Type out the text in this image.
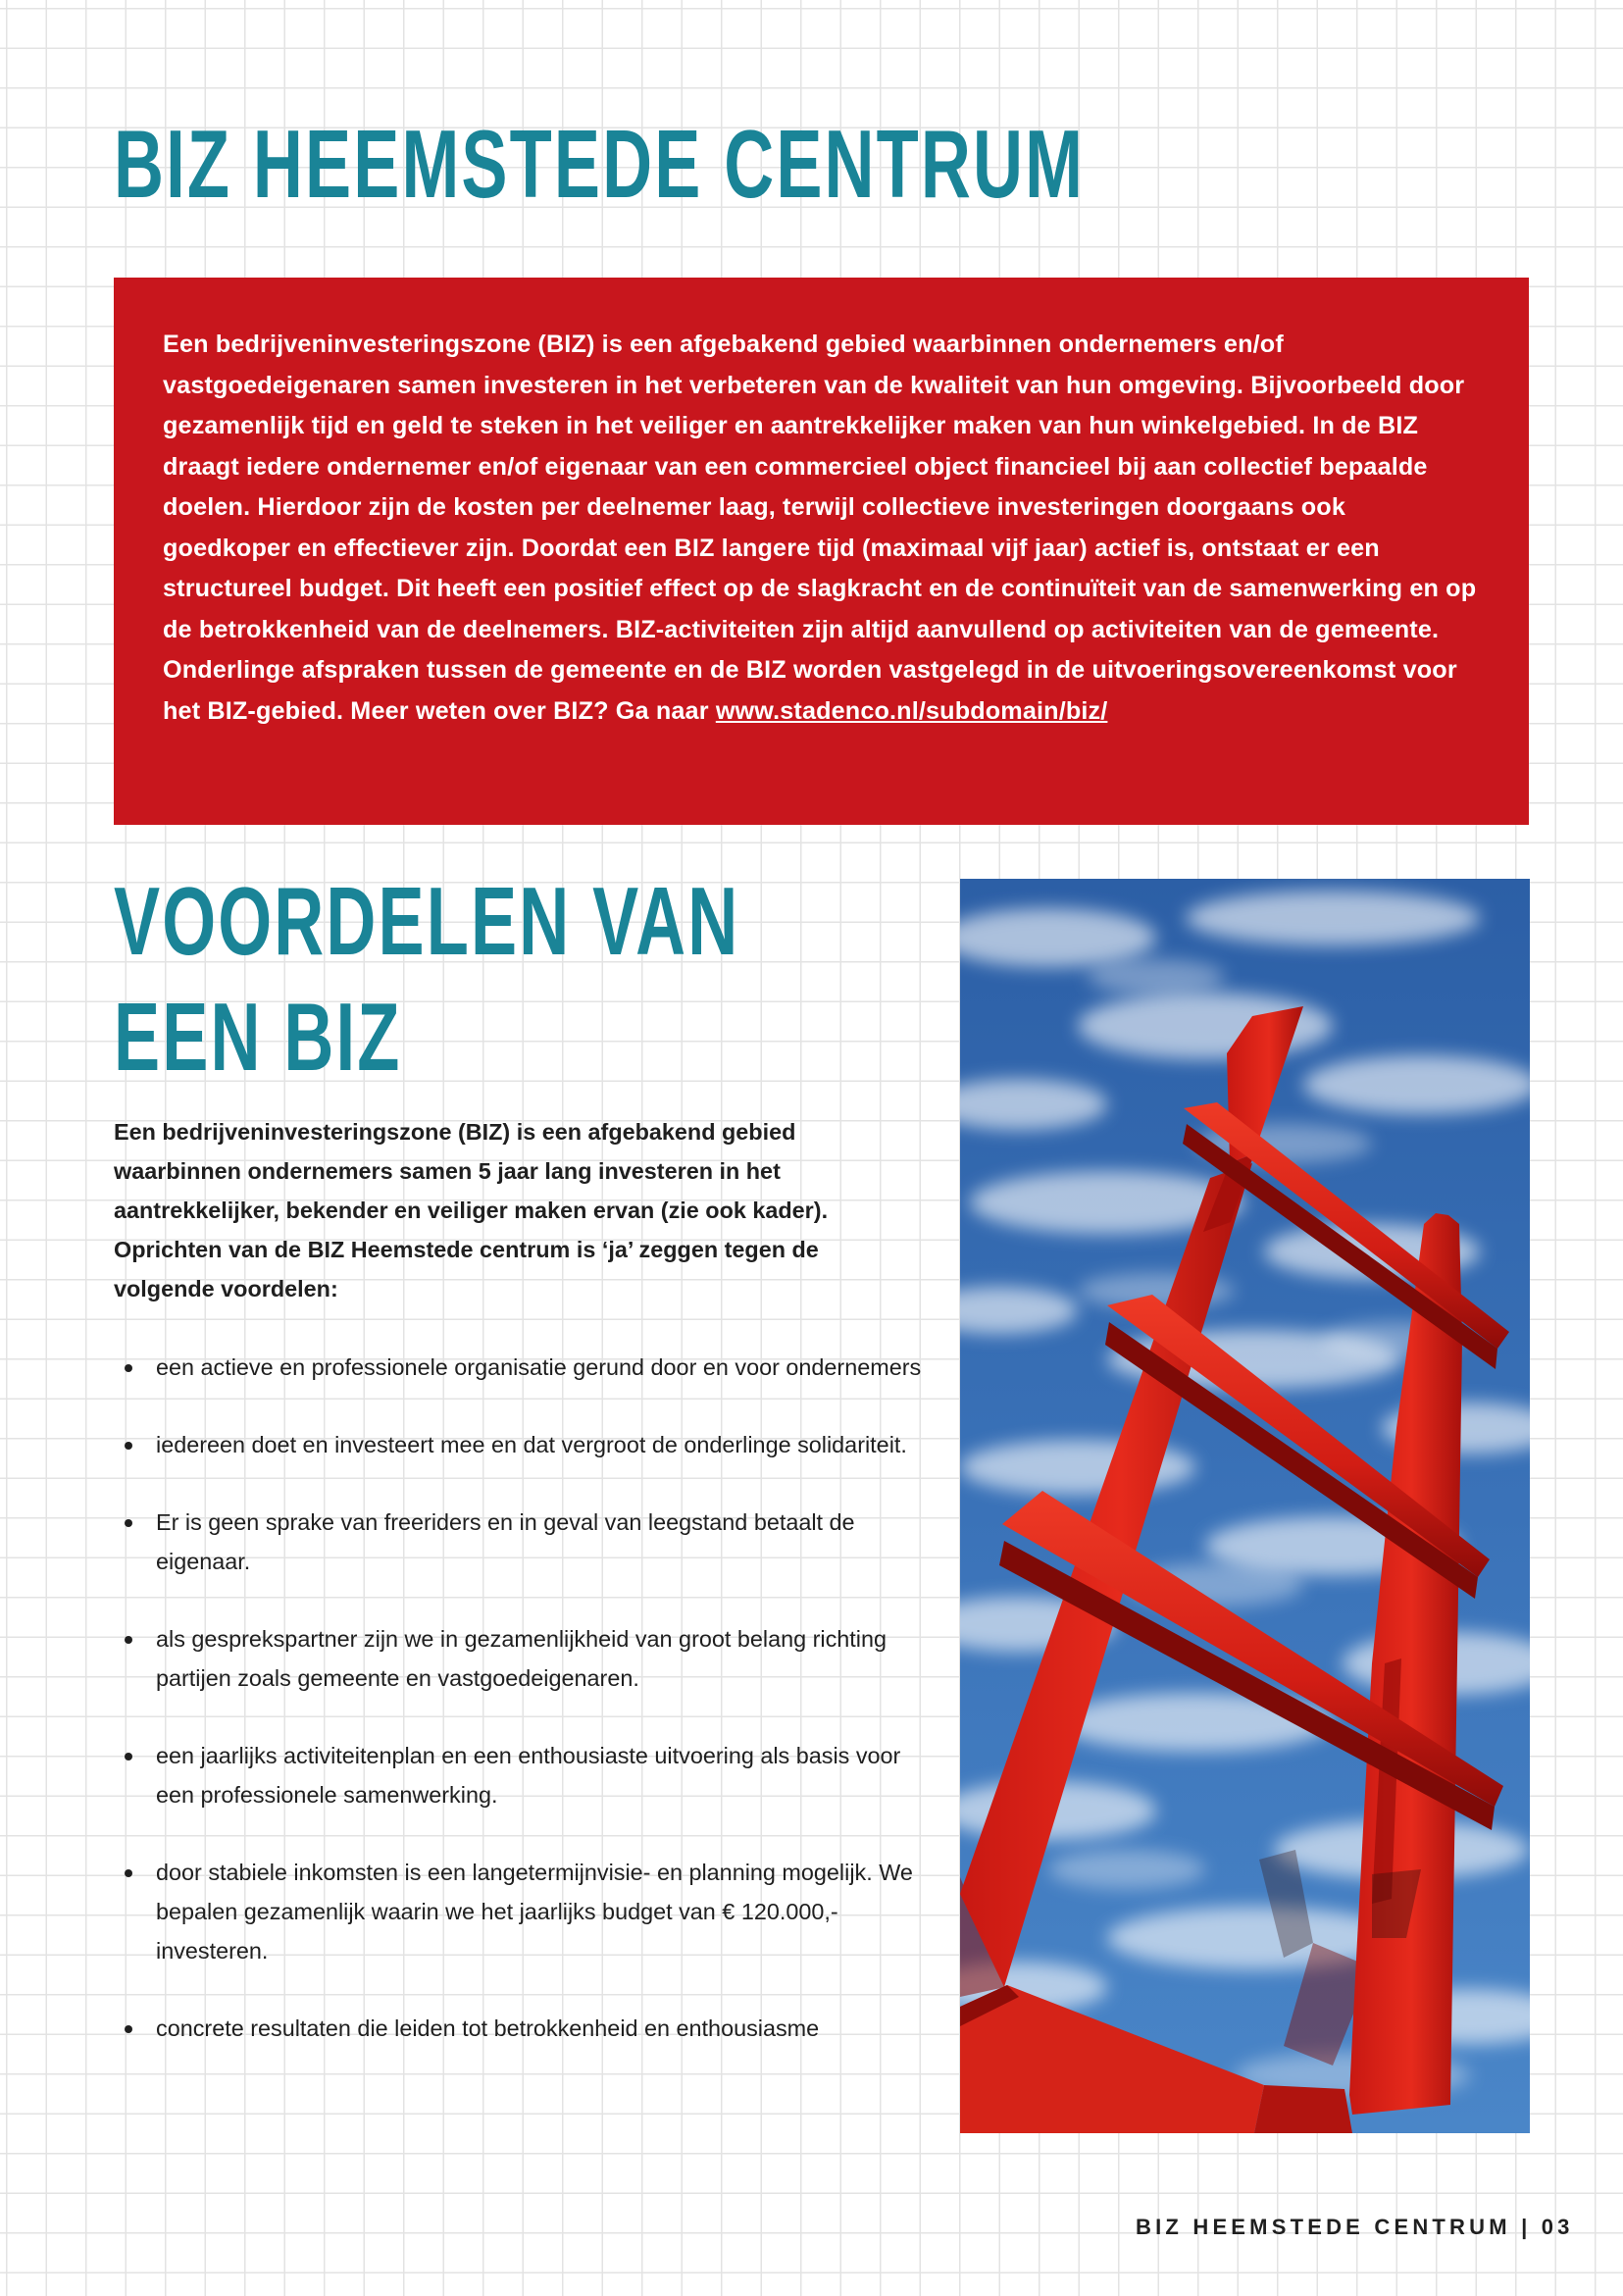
BIZ HEEMSTEDE CENTRUM

Een bedrijveninvesteringszone (BIZ) is een afgebakend gebied waarbinnen ondernemers en/of vastgoedeigenaren samen investeren in het verbeteren van de kwaliteit van hun omgeving. Bijvoorbeeld door gezamenlijk tijd en geld te steken in het veiliger en aantrekkelijker maken van hun winkelgebied. In de BIZ draagt iedere ondernemer en/of eigenaar van een commercieel object financieel bij aan collectief bepaalde doelen. Hierdoor zijn de kosten per deelnemer laag, terwijl collectieve investeringen doorgaans ook goedkoper en effectiever zijn. Doordat een BIZ langere tijd (maximaal vijf jaar) actief is, ontstaat er een structureel budget. Dit heeft een positief effect op de slagkracht en de continuïteit van de samenwerking en op de betrokkenheid van de deelnemers. BIZ-activiteiten zijn altijd aanvullend op activiteiten van de gemeente. Onderlinge afspraken tussen de gemeente en de BIZ worden vastgelegd in de uitvoeringsovereenkomst voor het BIZ-gebied. Meer weten over BIZ? Ga naar www.stadenco.nl/subdomain/biz/

VOORDELEN VAN EEN BIZ

Een bedrijveninvesteringszone (BIZ) is een afgebakend gebied waarbinnen ondernemers samen 5 jaar lang investeren in het aantrekkelijker, bekender en veiliger maken ervan (zie ook kader). Oprichten van de BIZ Heemstede centrum is ‘ja’ zeggen tegen de volgende voordelen:

een actieve en professionele organisatie gerund door en voor ondernemers
iedereen doet en investeert mee en dat vergroot de onderlinge solidariteit.
Er is geen sprake van freeriders en in geval van leegstand betaalt de eigenaar.
als gesprekspartner zijn we in gezamenlijkheid van groot belang richting partijen zoals gemeente en vastgoedeigenaren.
een jaarlijks activiteitenplan en een enthousiaste uitvoering als basis voor een professionele samenwerking.
door stabiele inkomsten is een langetermijnvisie- en planning mogelijk. We bepalen gezamenlijk waarin we het jaarlijks budget van € 120.000,- investeren.
concrete resultaten die leiden tot betrokkenheid en enthousiasme
BIZ HEEMSTEDE CENTRUM | 03
